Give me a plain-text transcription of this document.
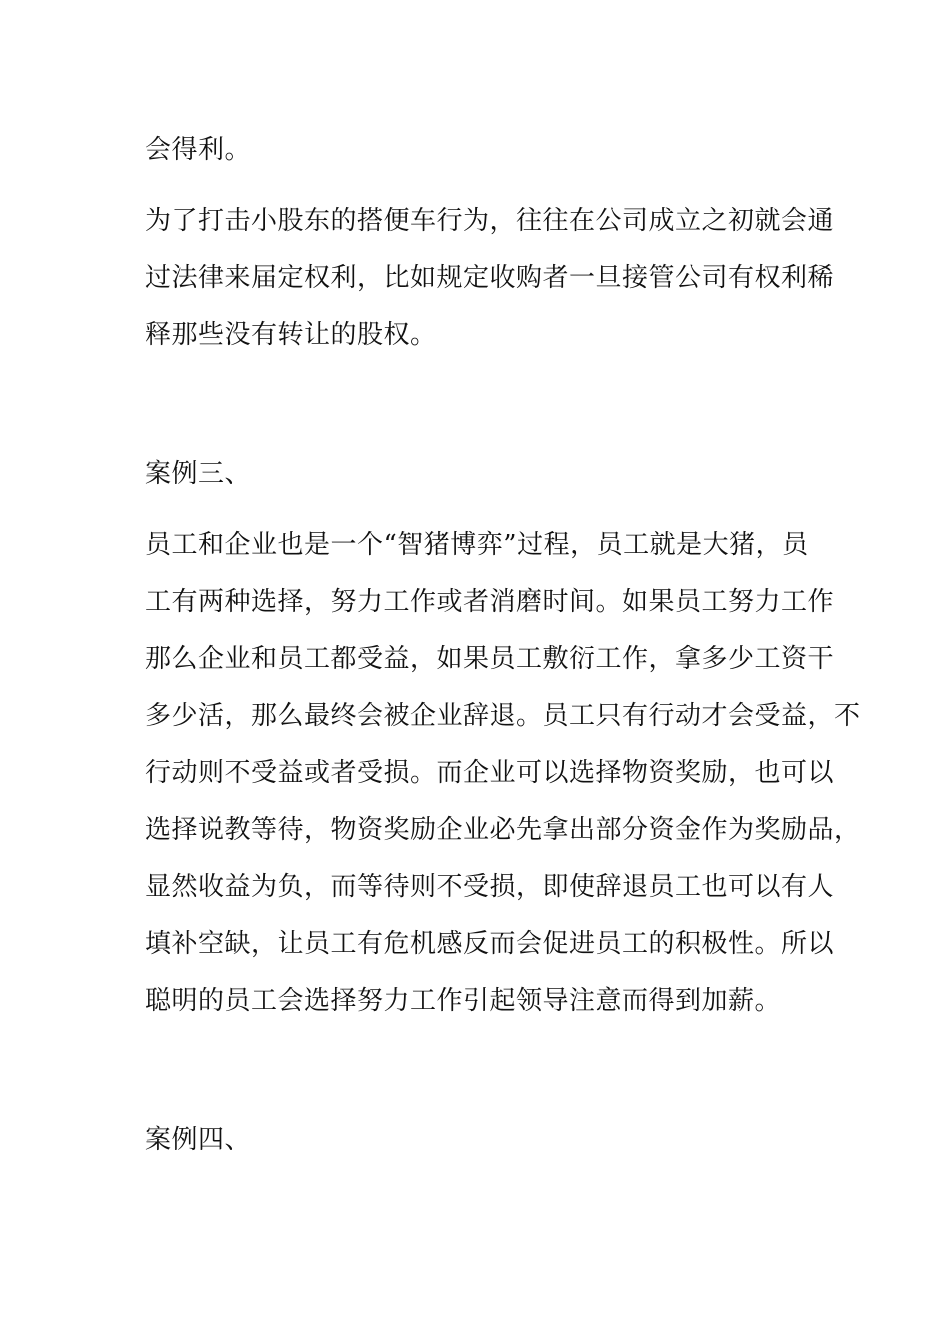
会得利。
为了打击小股东的搭便车行为，往往在公司成立之初就会通
过法律来届定权利，比如规定收购者一旦接管公司有权利稀
释那些没有转让的股权。
案例三、
员工和企业也是一个“智猪博弈”过程，员工就是大猪，员
工有两种选择，努力工作或者消磨时间。如果员工努力工作
那么企业和员工都受益，如果员工敷衍工作，拿多少工资干
多少活，那么最终会被企业辞退。员工只有行动才会受益，不
行动则不受益或者受损。而企业可以选择物资奖励，也可以
选择说教等待，物资奖励企业必先拿出部分资金作为奖励品，
显然收益为负，而等待则不受损，即使辞退员工也可以有人
填补空缺，让员工有危机感反而会促进员工的积极性。所以
聪明的员工会选择努力工作引起领导注意而得到加薪。
案例四、
